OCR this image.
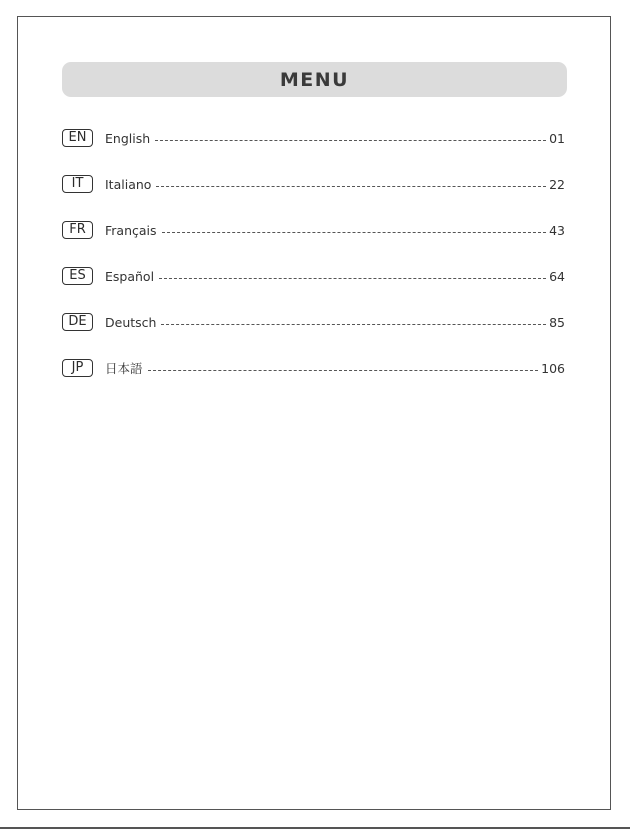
MENU
EN	English	01
IT	Italiano	22
FR	Français	43
ES	Español	64
DE	Deutsch	85
JP	日本語	106
